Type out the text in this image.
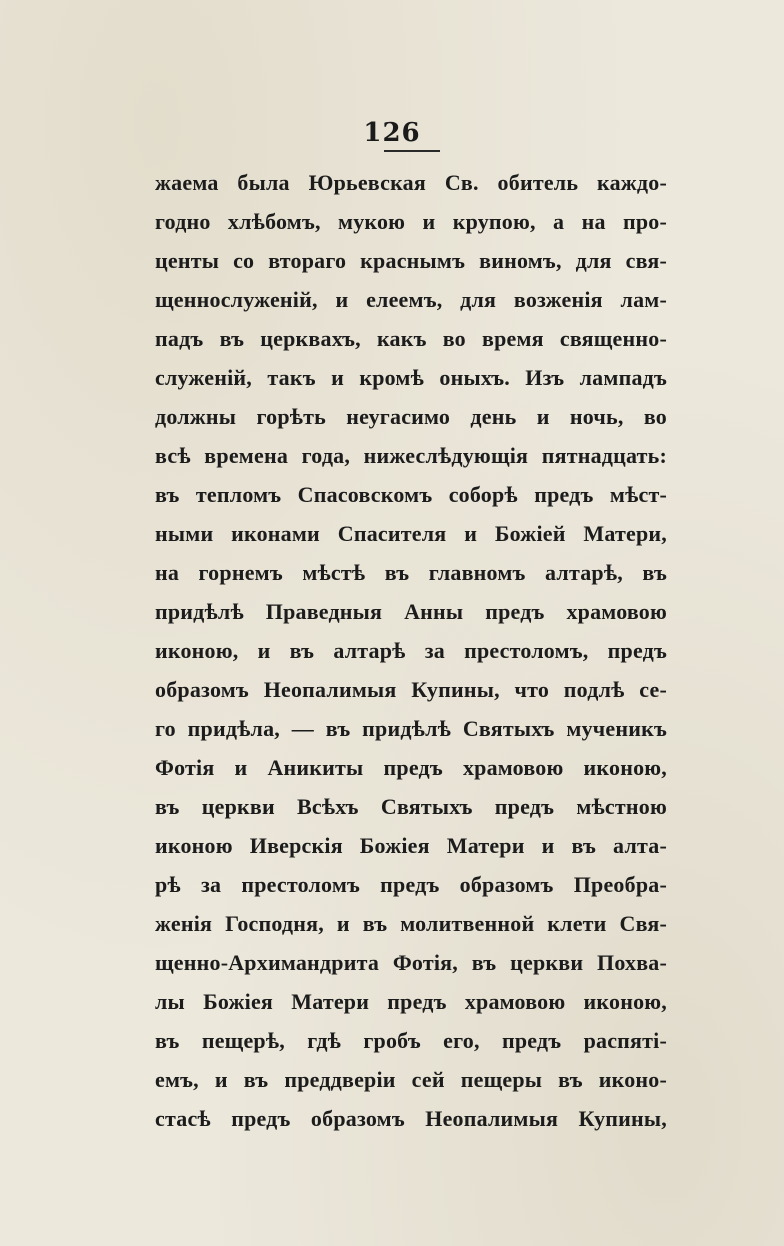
126
жаема была Юрьевская Св. обитель каждо-
годно хлѣбомъ, мукою и крупою, а на про-
центы со втораго краснымъ виномъ, для свя-
щеннослуженій, и елеемъ, для возженія лам-
падъ въ церквахъ, какъ во время священно-
служеній, такъ и кромѣ оныхъ. Изъ лампадъ
должны горѣть неугасимо день и ночь, во
всѣ времена года, нижеслѣдующія пятнадцать:
въ тепломъ Спасовскомъ соборѣ предъ мѣст-
ными иконами Спасителя и Божіей Матери,
на горнемъ мѣстѣ въ главномъ алтарѣ, въ
придѣлѣ Праведныя Анны предъ храмовою
иконою, и въ алтарѣ за престоломъ, предъ
образомъ Неопалимыя Купины, что подлѣ се-
го придѣла, — въ придѣлѣ Святыхъ мученикъ
Фотія и Аникиты предъ храмовою иконою,
въ церкви Всѣхъ Святыхъ предъ мѣстною
иконою Иверскія Божіея Матери и въ алта-
рѣ за престоломъ предъ образомъ Преобра-
женія Господня, и въ молитвенной клети Свя-
щенно-Архимандрита Фотія, въ церкви Похва-
лы Божіея Матери предъ храмовою иконою,
въ пещерѣ, гдѣ гробъ его, предъ распяті-
емъ, и въ преддверіи сей пещеры въ иконо-
стасѣ предъ образомъ Неопалимыя Купины,
